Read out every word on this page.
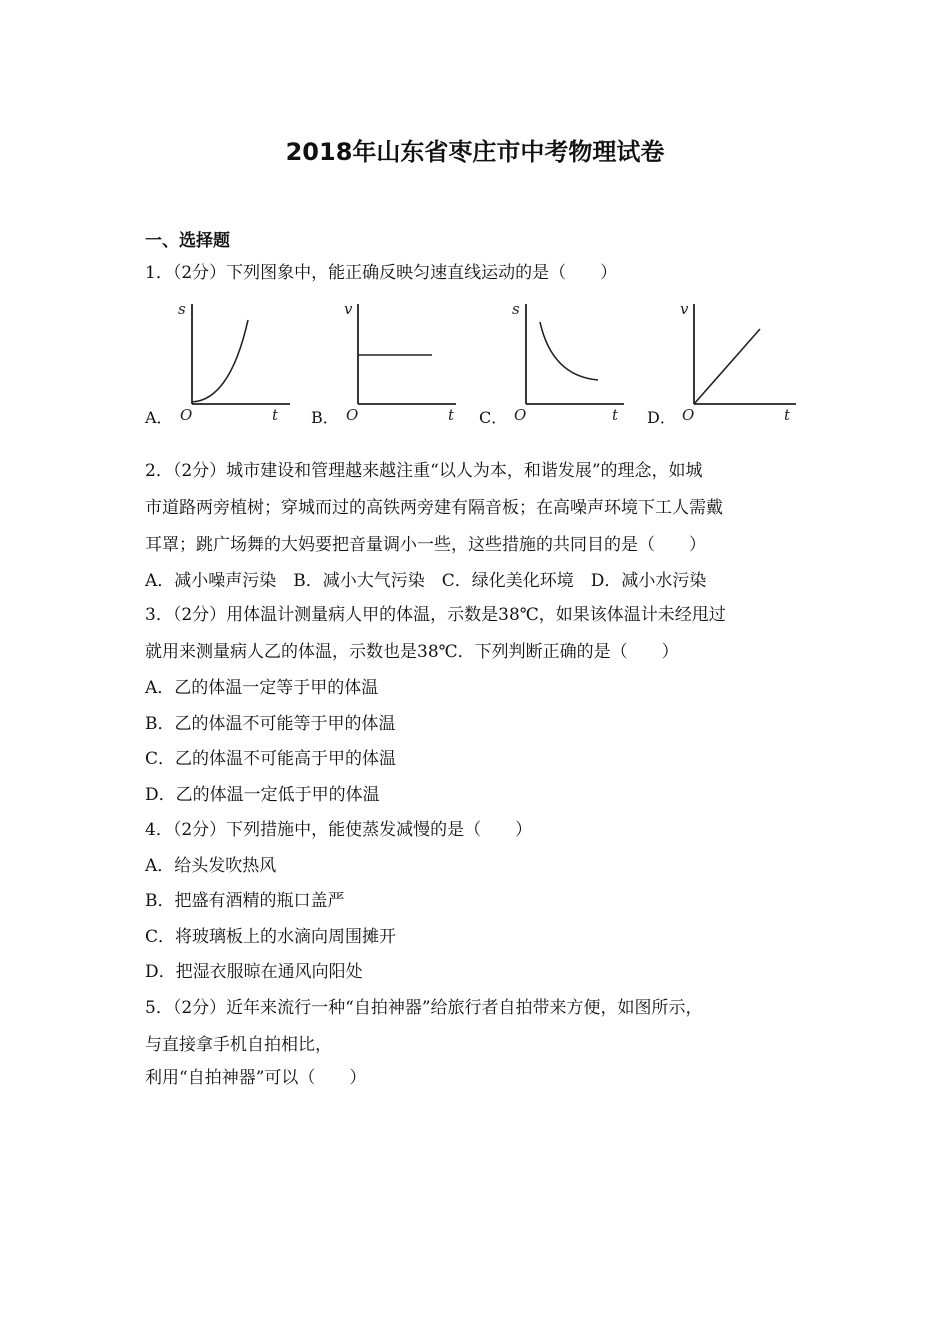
2018年山东省枣庄市中考物理试卷
一、选择题
1．（2分）下列图象中，能正确反映匀速直线运动的是（　　）
A．
s
t
O	B．
v
t
O	C．
s
t
O	D．
v
t
O
2．（2分）城市建设和管理越来越注重“以人为本，和谐发展”的理念，如城
市道路两旁植树；穿城而过的高铁两旁建有隔音板；在高噪声环境下工人需戴
耳罩；跳广场舞的大妈要把音量调小一些，这些措施的共同目的是（　　）
A．减小噪声污染　B．减小大气污染　C．绿化美化环境　D．减小水污染
3．（2分）用体温计测量病人甲的体温，示数是38℃，如果该体温计未经甩过
就用来测量病人乙的体温，示数也是38℃．下列判断正确的是（　　）
A．乙的体温一定等于甲的体温
B．乙的体温不可能等于甲的体温
C．乙的体温不可能高于甲的体温
D．乙的体温一定低于甲的体温
4．（2分）下列措施中，能使蒸发减慢的是（　　）
A．给头发吹热风
B．把盛有酒精的瓶口盖严
C．将玻璃板上的水滴向周围摊开
D．把湿衣服晾在通风向阳处
5．（2分）近年来流行一种“自拍神器”给旅行者自拍带来方便，如图所示，
与直接拿手机自拍相比，
利用“自拍神器”可以（　　）
